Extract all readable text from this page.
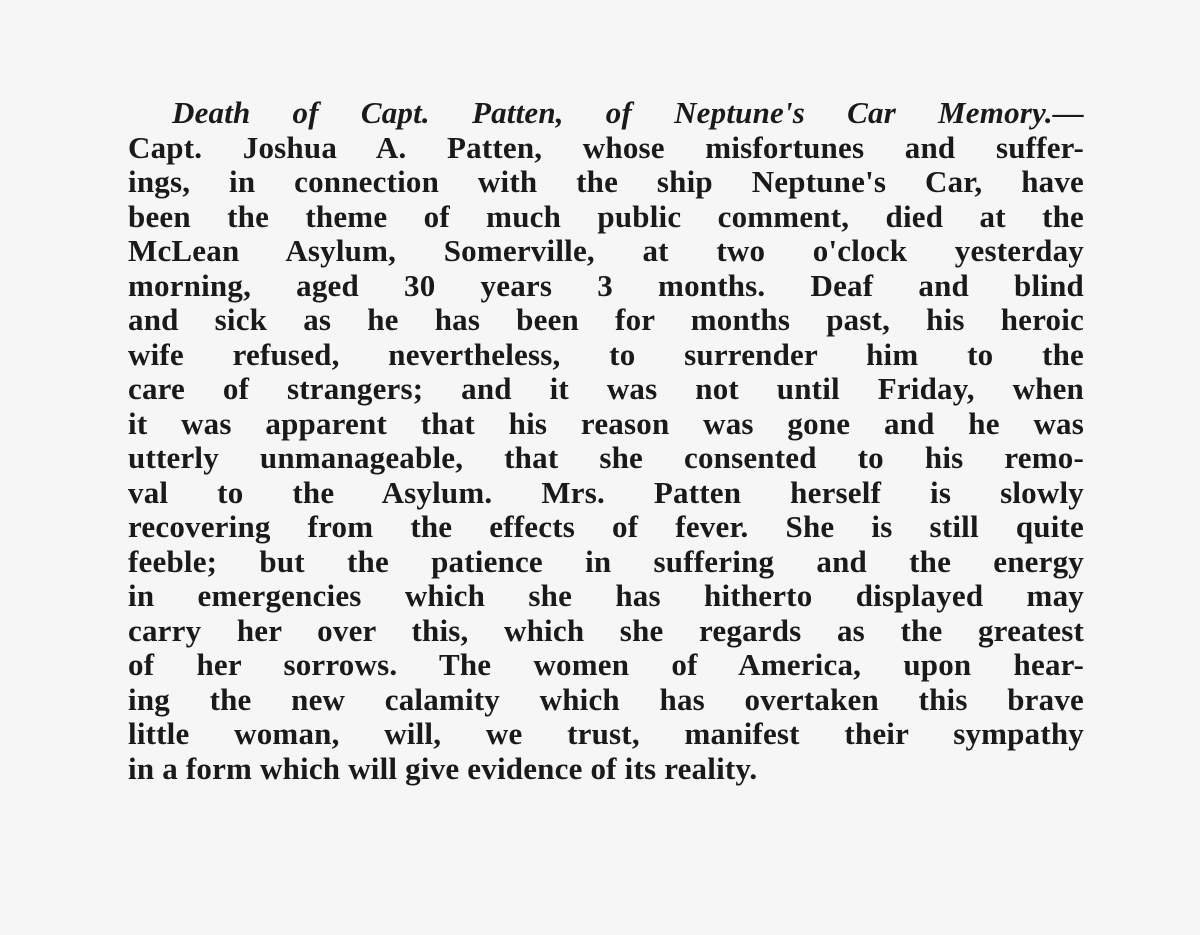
Death of Capt. Patten, of Neptune's Car Memory.—
Capt. Joshua A. Patten, whose misfortunes and suffer-
ings, in connection with the ship Neptune's Car, have
been the theme of much public comment, died at the
McLean Asylum, Somerville, at two o'clock yesterday
morning, aged 30 years 3 months. Deaf and blind
and sick as he has been for months past, his heroic
wife refused, nevertheless, to surrender him to the
care of strangers; and it was not until Friday, when
it was apparent that his reason was gone and he was
utterly unmanageable, that she consented to his remo-
val to the Asylum. Mrs. Patten herself is slowly
recovering from the effects of fever. She is still quite
feeble; but the patience in suffering and the energy
in emergencies which she has hitherto displayed may
carry her over this, which she regards as the greatest
of her sorrows. The women of America, upon hear-
ing the new calamity which has overtaken this brave
little woman, will, we trust, manifest their sympathy
in a form which will give evidence of its reality.
